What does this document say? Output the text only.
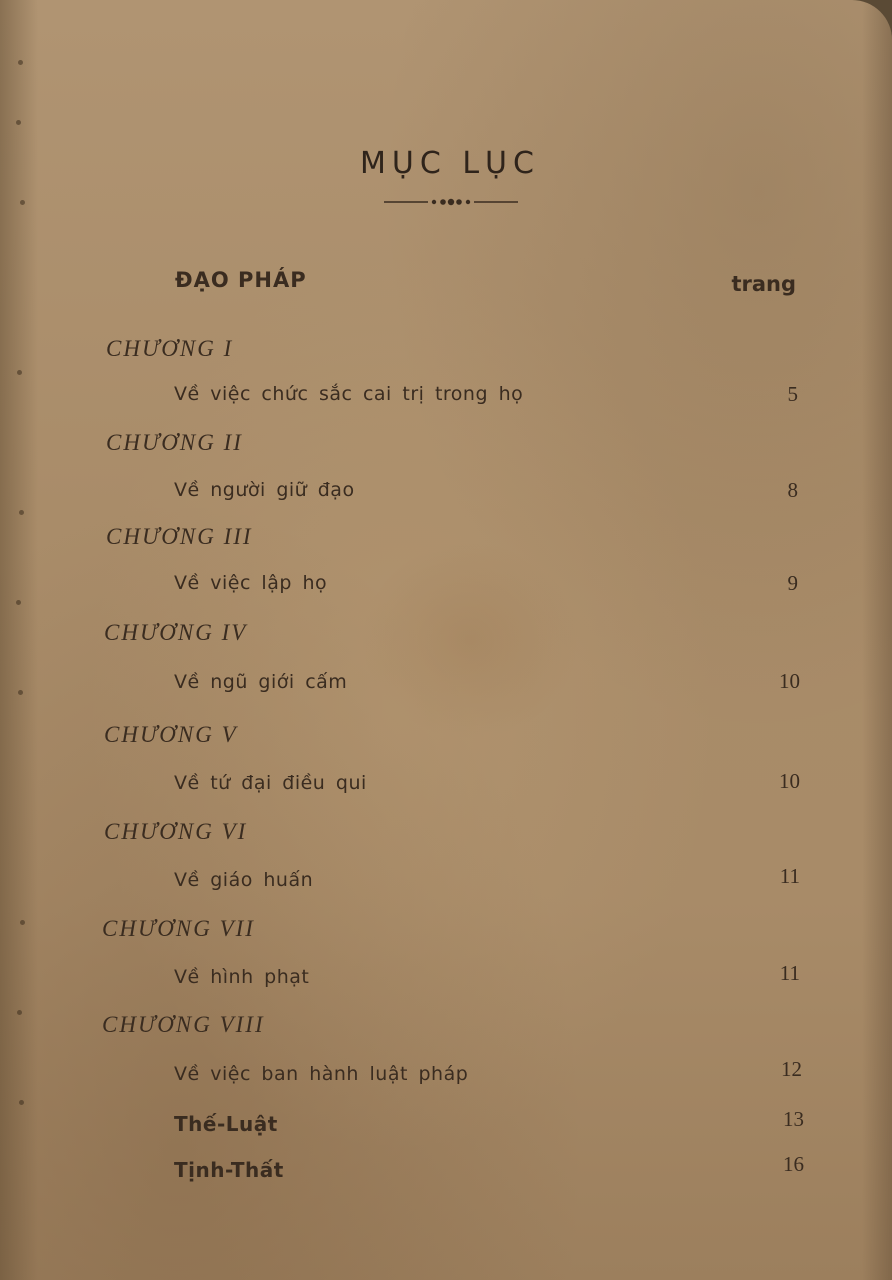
MỤC LỤC
ĐẠO PHÁP	trang
CHƯƠNG I
Về việc chức sắc cai trị trong họ	5
CHƯƠNG II
Về người giữ đạo	8
CHƯƠNG III
Về việc lập họ	9
CHƯƠNG IV
Về ngũ giới cấm	10
CHƯƠNG V
Về tứ đại điều qui	10
CHƯƠNG VI
Về giáo huấn	11
CHƯƠNG VII
Về hình phạt	11
CHƯƠNG VIII
Về việc ban hành luật pháp	12
Thế-Luật	13
Tịnh-Thất	16
